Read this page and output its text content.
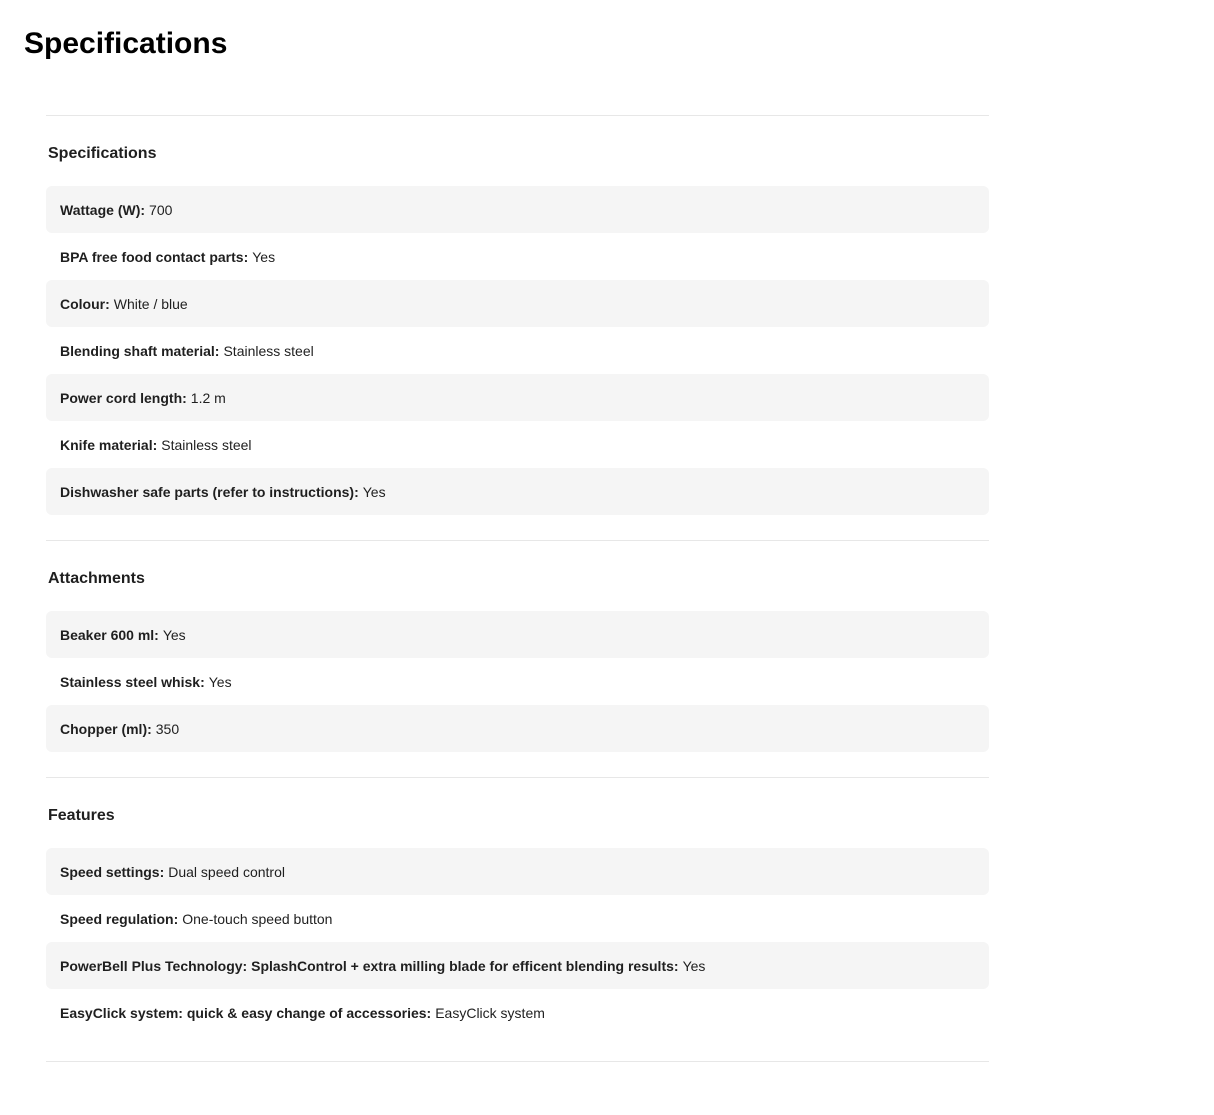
Specifications
Specifications
Wattage (W): 700
BPA free food contact parts: Yes
Colour: White / blue
Blending shaft material: Stainless steel
Power cord length: 1.2 m
Knife material: Stainless steel
Dishwasher safe parts (refer to instructions): Yes
Attachments
Beaker 600 ml: Yes
Stainless steel whisk: Yes
Chopper (ml): 350
Features
Speed settings: Dual speed control
Speed regulation: One-touch speed button
PowerBell Plus Technology: SplashControl + extra milling blade for efficent blending results: Yes
EasyClick system: quick & easy change of accessories: EasyClick system
